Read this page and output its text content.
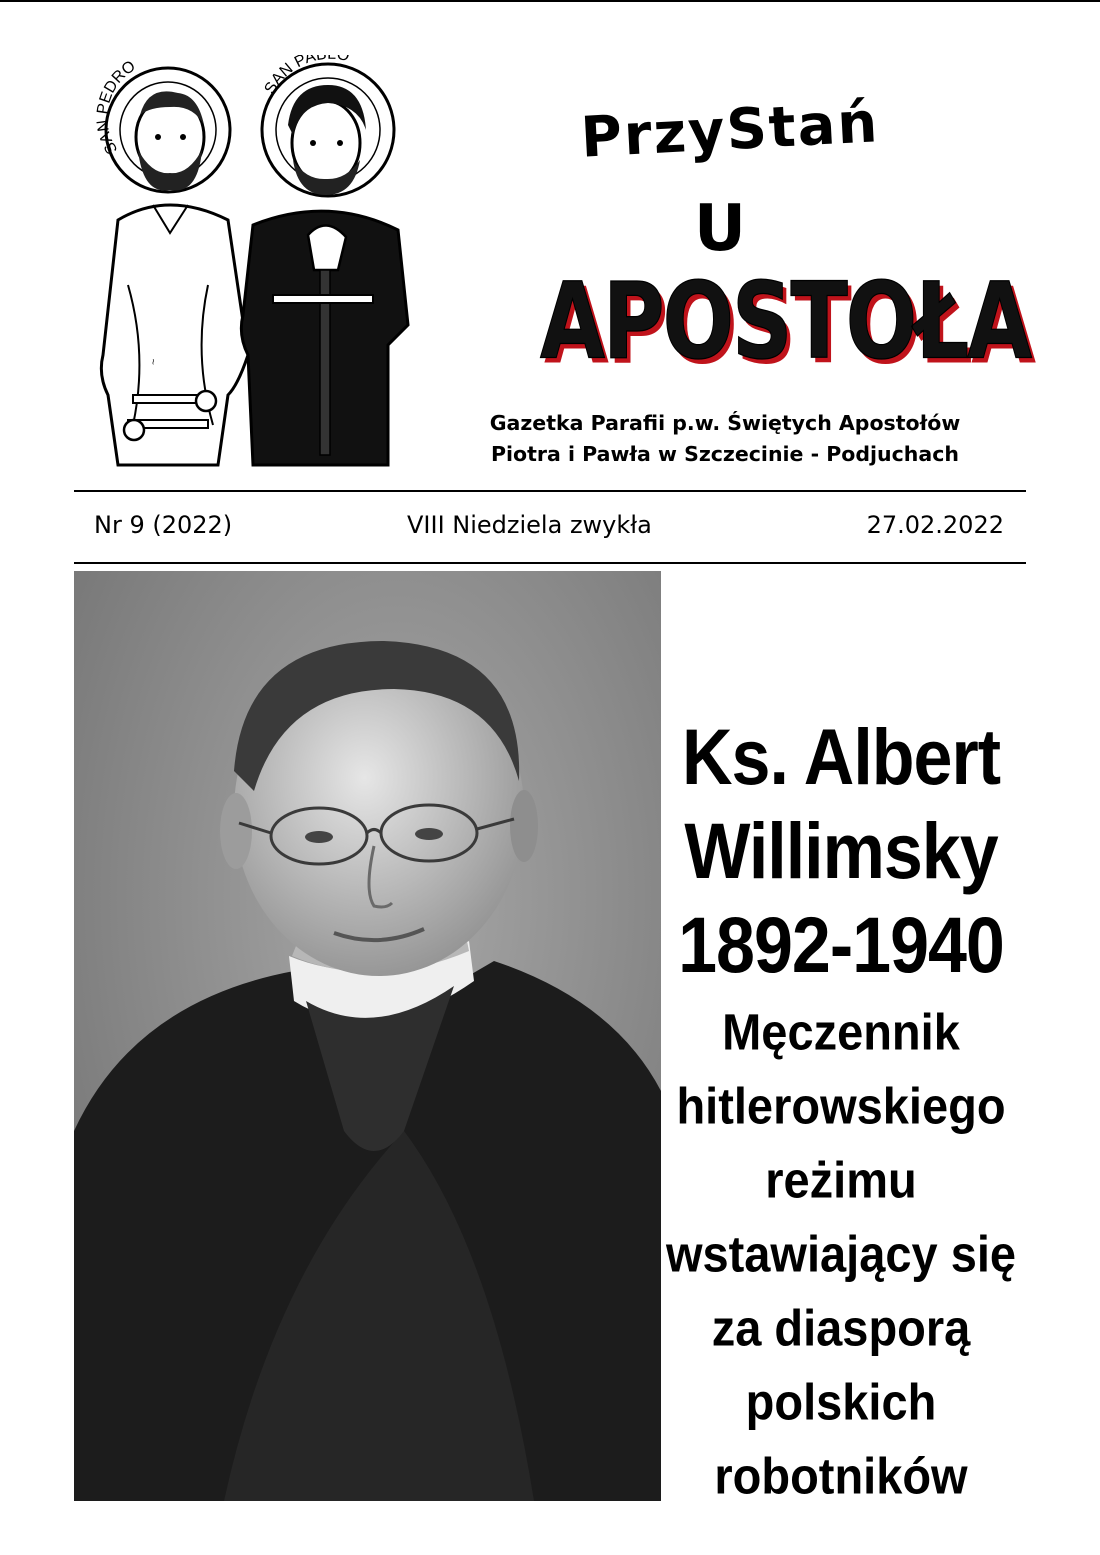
SAN PEDRO
SAN PA O
~
PrzyStań
U
APOSTOŁA
Gazetka Parafii p.w. Świętych Apostołów
Piotra i Pawła w Szczecinie - Podjuchach
Nr 9 (2022)	VIII Niedziela zwykła	27.02.2022
Ks. Albert
Willimsky
1892-1940
Męczennik
hitlerowskiego
reżimu
wstawiający się
za diasporą
polskich
robotników
